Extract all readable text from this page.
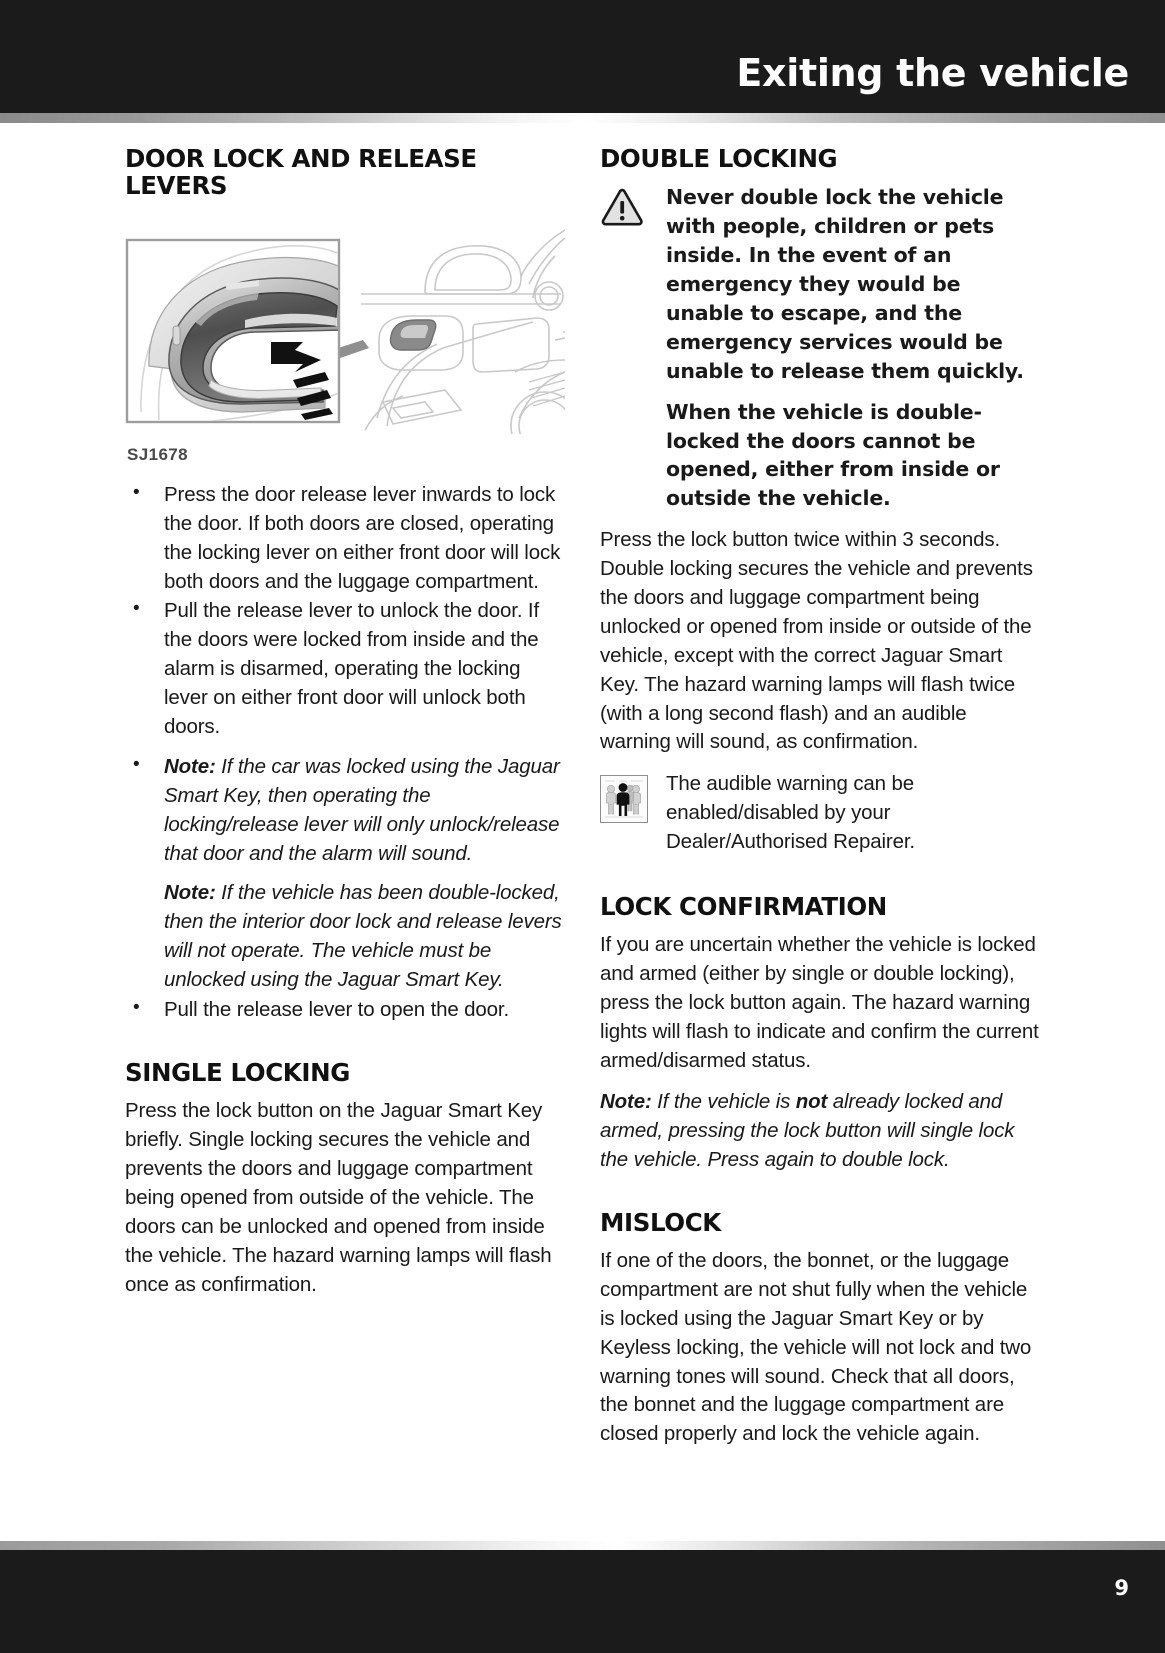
Exiting the vehicle
DOOR LOCK AND RELEASE LEVERS
SJ1678
• Press the door release lever inwards to lock the door. If both doors are closed, operating the locking lever on either front door will lock both doors and the luggage compartment.
• Pull the release lever to unlock the door. If the doors were locked from inside and the alarm is disarmed, operating the locking lever on either front door will unlock both doors.

• Note: If the car was locked using the Jaguar Smart Key, then operating the locking/release lever will only unlock/release that door and the alarm will sound.

Note: If the vehicle has been double-locked, then the interior door lock and release levers will not operate. The vehicle must be unlocked using the Jaguar Smart Key.

• Pull the release lever to open the door.
SINGLE LOCKING

Press the lock button on the Jaguar Smart Key briefly. Single locking secures the vehicle and prevents the doors and luggage compartment being opened from outside of the vehicle. The doors can be unlocked and opened from inside the vehicle. The hazard warning lamps will flash once as confirmation.

DOUBLE LOCKING

Never double lock the vehicle with people, children or pets inside. In the event of an emergency they would be unable to escape, and the emergency services would be unable to release them quickly.

When the vehicle is double-locked the doors cannot be opened, either from inside or outside the vehicle.

Press the lock button twice within 3 seconds. Double locking secures the vehicle and prevents the doors and luggage compartment being unlocked or opened from inside or outside of the vehicle, except with the correct Jaguar Smart Key. The hazard warning lamps will flash twice (with a long second flash) and an audible warning will sound, as confirmation.

The audible warning can be enabled/disabled by your Dealer/Authorised Repairer.

LOCK CONFIRMATION

If you are uncertain whether the vehicle is locked and armed (either by single or double locking), press the lock button again. The hazard warning lights will flash to indicate and confirm the current armed/disarmed status.

Note: If the vehicle is not already locked and armed, pressing the lock button will single lock the vehicle. Press again to double lock.

MISLOCK

If one of the doors, the bonnet, or the luggage compartment are not shut fully when the vehicle is locked using the Jaguar Smart Key or by Keyless locking, the vehicle will not lock and two warning tones will sound. Check that all doors, the bonnet and the luggage compartment are closed properly and lock the vehicle again.

9
